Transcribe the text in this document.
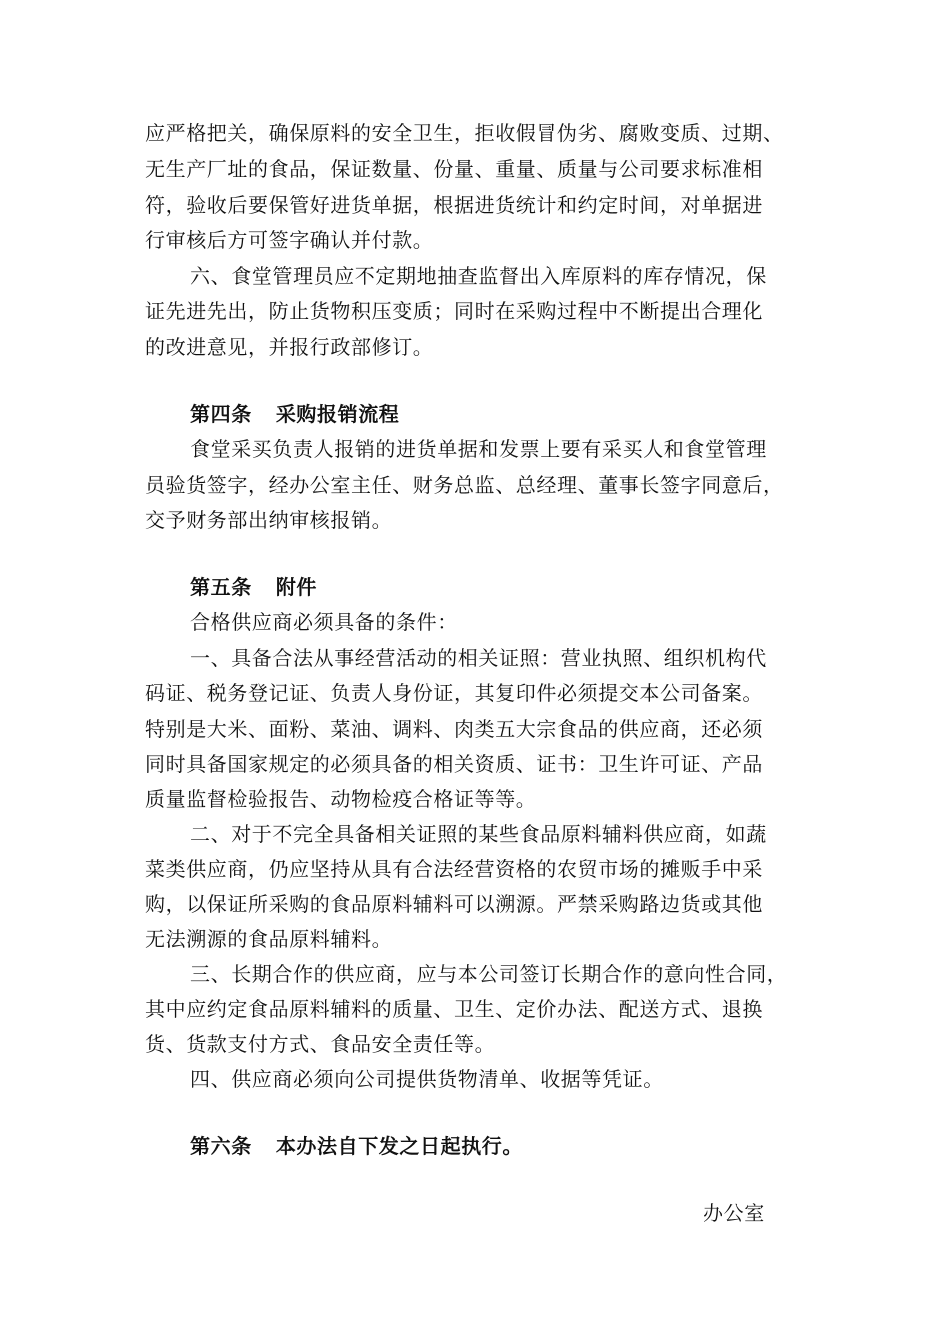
应严格把关，确保原料的安全卫生，拒收假冒伪劣、腐败变质、过期、
无生产厂址的食品，保证数量、份量、重量、质量与公司要求标准相
符，验收后要保管好进货单据，根据进货统计和约定时间，对单据进
行审核后方可签字确认并付款。
六、食堂管理员应不定期地抽查监督出入库原料的库存情况，保
证先进先出，防止货物积压变质；同时在采购过程中不断提出合理化
的改进意见，并报行政部修订。
第四条 采购报销流程
食堂采买负责人报销的进货单据和发票上要有采买人和食堂管理
员验货签字，经办公室主任、财务总监、总经理、董事长签字同意后，
交予财务部出纳审核报销。
第五条 附件
合格供应商必须具备的条件：
一、具备合法从事经营活动的相关证照：营业执照、组织机构代
码证、税务登记证、负责人身份证，其复印件必须提交本公司备案。
特别是大米、面粉、菜油、调料、肉类五大宗食品的供应商，还必须
同时具备国家规定的必须具备的相关资质、证书：卫生许可证、产品
质量监督检验报告、动物检疫合格证等等。
二、对于不完全具备相关证照的某些食品原料辅料供应商，如蔬
菜类供应商，仍应坚持从具有合法经营资格的农贸市场的摊贩手中采
购，以保证所采购的食品原料辅料可以溯源。严禁采购路边货或其他
无法溯源的食品原料辅料。
三、长期合作的供应商，应与本公司签订长期合作的意向性合同，
其中应约定食品原料辅料的质量、卫生、定价办法、配送方式、退换
货、货款支付方式、食品安全责任等。
四、供应商必须向公司提供货物清单、收据等凭证。
第六条 本办法自下发之日起执行。
办公室
